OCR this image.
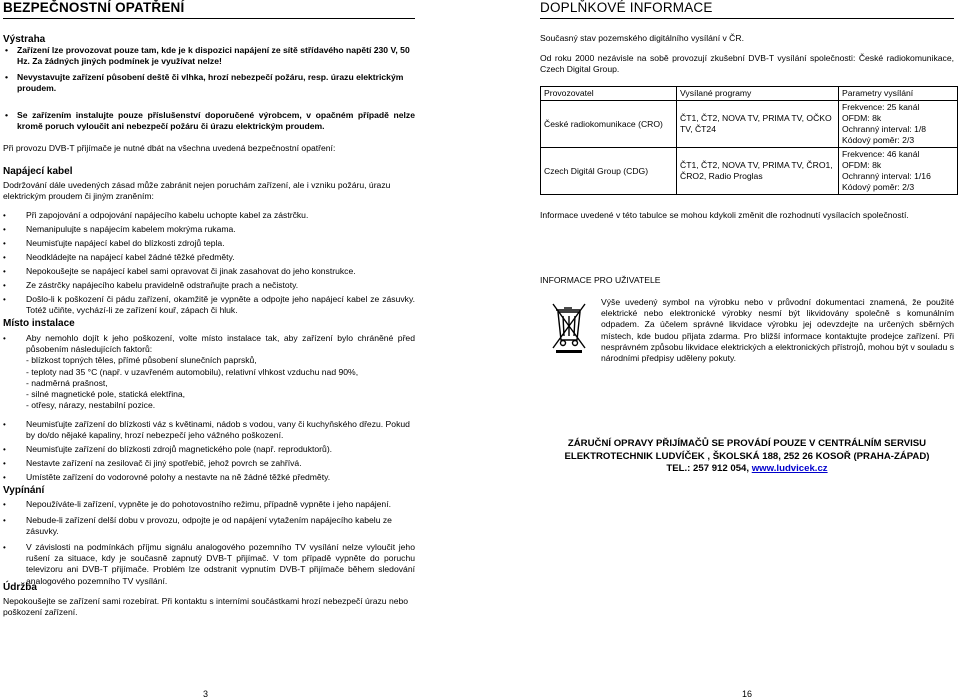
BEZPEČNOSTNÍ OPATŘENÍ
Výstraha
•	Zařízení lze provozovat pouze tam, kde je k dispozici napájení ze sítě střídavého napětí 230 V, 50 Hz. Za žádných jiných podmínek je využívat nelze!
•	Nevystavujte zařízení působení deště či vlhka, hrozí nebezpečí požáru, resp. úrazu elektrickým proudem.
•	Se zařízením instalujte pouze příslušenství doporučené výrobcem, v opačném případě nelze kromě poruch vyloučit ani nebezpečí požáru či úrazu elektrickým proudem.
Při provozu DVB-T přijímače je nutné dbát na všechna uvedená bezpečnostní opatření:
Napájecí kabel
Dodržování dále uvedených zásad může zabránit nejen poruchám zařízení, ale i vzniku požáru, úrazu elektrickým proudem či jiným zraněním:
•	Při zapojování a odpojování napájecího kabelu uchopte kabel za zástrčku.
•	Nemanipulujte s napájecím kabelem mokrýma rukama.
•	Neumisťujte napájecí kabel do blízkosti zdrojů tepla.
•	Neodkládejte na napájecí kabel žádné těžké předměty.
•	Nepokoušejte se napájecí kabel sami opravovat či jinak zasahovat do jeho konstrukce.
•	Ze zástrčky napájecího kabelu pravidelně odstraňujte prach a nečistoty.
•	Došlo-li k poškození či pádu zařízení, okamžitě je vypněte a odpojte jeho napájecí kabel ze zásuvky. Totéž učiňte, vychází-li ze zařízení kouř, zápach či hluk.
Místo instalace
•	Aby nemohlo dojít k jeho poškození, volte místo instalace tak, aby zařízení bylo chráněné před působením následujících faktorů:
- blízkost topných těles, přímé působení slunečních paprsků,
- teploty nad 35 °C (např. v uzavřeném automobilu), relativní vlhkost vzduchu nad 90%,
- nadměrná prašnost,
- silné magnetické pole, statická elektřina,
- otřesy, nárazy, nestabilní pozice.
•	Neumisťujte zařízení do blízkosti váz s květinami, nádob s vodou, vany či kuchyňského dřezu. Pokud by do/do nějaké kapaliny, hrozí nebezpečí jeho vážného poškození.
•	Neumisťujte zařízení do blízkosti zdrojů magnetického pole (např. reproduktorů).
•	Nestavte zařízení na zesilovač či jiný spotřebič, jehož povrch se zahřívá.
•	Umístěte zařízení do vodorovné polohy a nestavte na ně žádné těžké předměty.
Vypínání
•	Nepoužíváte-li zařízení, vypněte je do pohotovostního režimu, případně vypněte i jeho napájení.
•	Nebude-li zařízení delší dobu v provozu, odpojte je od napájení vytažením napájecího kabelu ze zásuvky.
•	V závislosti na podmínkách příjmu signálu analogového pozemního TV vysílání nelze vyloučit jeho rušení za situace, kdy je současně zapnutý DVB-T přijímač. V tom případě vypněte do poruchu televizoru ani DVB-T přijímače. Problém lze odstranit vypnutím DVB-T přijímače během sledování analogového pozemního TV vysílání.
Údržba
Nepokoušejte se zařízení sami rozebírat. Při kontaktu s interními součástkami hrozí nebezpečí úrazu nebo poškození zařízení.
3
DOPLŇKOVÉ INFORMACE
Současný stav pozemského digitálního vysílání v ČR.
Od roku 2000 nezávisle na sobě provozují zkušební DVB-T vysílání společnosti: České radiokomunikace, Czech Digital Group.
Provozovatel	Vysílané programy	Parametry vysílání
České radiokomunikace (CRO)	ČT1, ČT2, NOVA TV, PRIMA TV, OČKO TV, ČT24	Frekvence: 25 kanál
OFDM: 8k
Ochranný interval: 1/8
Kódový poměr: 2/3

Czech Digitál Group (CDG)	ČT1, ČT2, NOVA TV, PRIMA TV, ČRO1, ČRO2, Radio Proglas	Frekvence: 46 kanál
OFDM: 8k
Ochranný interval: 1/16
Kódový poměr: 2/3
Informace uvedené v této tabulce se mohou kdykoli změnit dle rozhodnutí vysílacích společností.
INFORMACE PRO UŽIVATELE
Výše uvedený symbol na výrobku nebo v průvodní dokumentaci znamená, že použité elektrické nebo elektronické výrobky nesmí být likvidovány společně s komunálním odpadem. Za účelem správné likvidace výrobku jej odevzdejte na určených sběrných místech, kde budou přijata zdarma. Pro bližší informace kontaktujte prodejce zařízení. Při nesprávném způsobu likvidace elektrických a elektronických přístrojů, mohou být v souladu s národními předpisy uděleny pokuty.
ZÁRUČNÍ OPRAVY PŘIJÍMAČŮ SE PROVÁDÍ POUZE V CENTRÁLNÍM SERVISU
ELEKTROTECHNIK LUDVÍČEK , ŠKOLSKÁ 188, 252 26 KOSOŘ (PRAHA-ZÁPAD)
TEL.: 257 912 054, www.ludvicek.cz
16
